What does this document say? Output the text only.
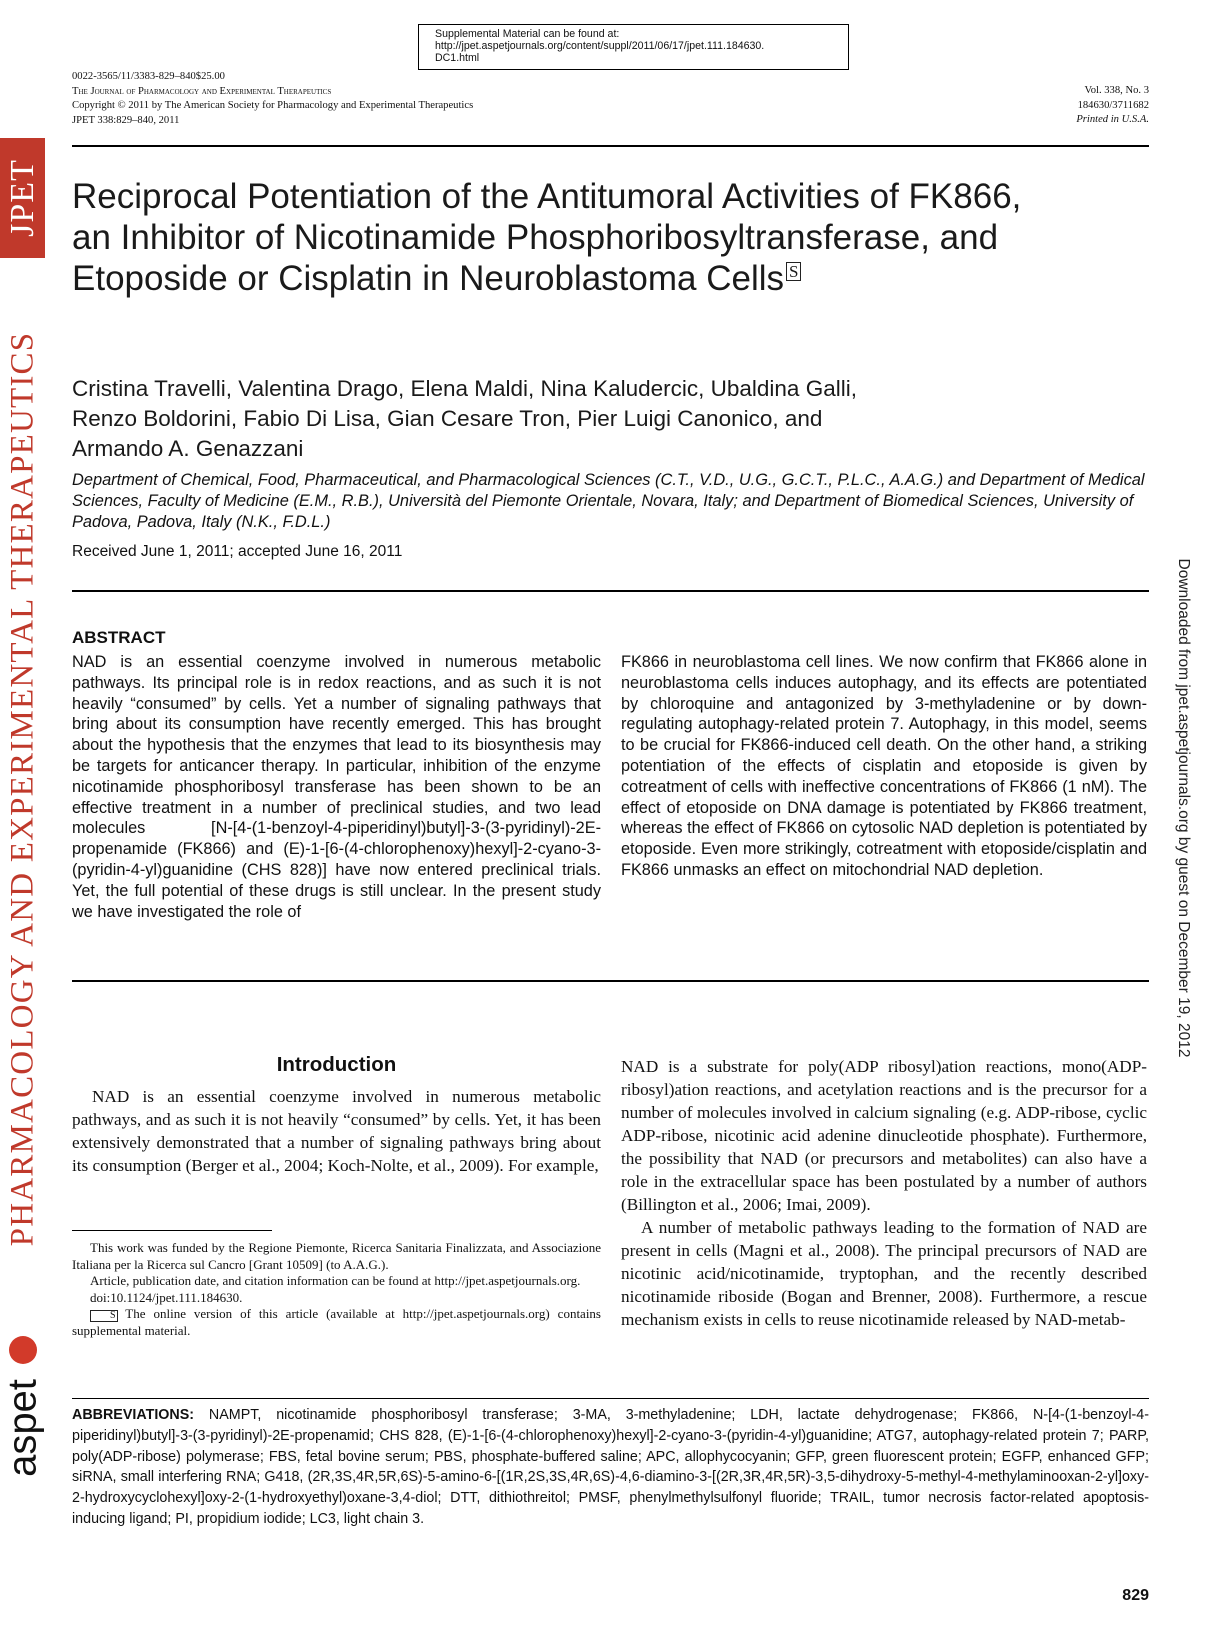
Supplemental Material can be found at:
http://jpet.aspetjournals.org/content/suppl/2011/06/17/jpet.111.184630.
DC1.html
0022-3565/11/3383-829–840$25.00
The Journal of Pharmacology and Experimental Therapeutics
Copyright © 2011 by The American Society for Pharmacology and Experimental Therapeutics
JPET 338:829–840, 2011
Vol. 338, No. 3
184630/3711682
Printed in U.S.A.
JPET
PHARMACOLOGY AND EXPERIMENTAL THERAPEUTICS
aspet
Downloaded from jpet.aspetjournals.org by guest on December 19, 2012
Reciprocal Potentiation of the Antitumoral Activities of FK866,
an Inhibitor of Nicotinamide Phosphoribosyltransferase, and
Etoposide or Cisplatin in Neuroblastoma Cells S
Cristina Travelli, Valentina Drago, Elena Maldi, Nina Kaludercic, Ubaldina Galli,
Renzo Boldorini, Fabio Di Lisa, Gian Cesare Tron, Pier Luigi Canonico, and
Armando A. Genazzani
Department of Chemical, Food, Pharmaceutical, and Pharmacological Sciences (C.T., V.D., U.G., G.C.T., P.L.C., A.A.G.) and Department of Medical Sciences, Faculty of Medicine (E.M., R.B.), Università del Piemonte Orientale, Novara, Italy; and Department of Biomedical Sciences, University of Padova, Padova, Italy (N.K., F.D.L.)
Received June 1, 2011; accepted June 16, 2011
ABSTRACT
NAD is an essential coenzyme involved in numerous metabolic pathways. Its principal role is in redox reactions, and as such it is not heavily “consumed” by cells. Yet a number of signaling pathways that bring about its consumption have recently emerged. This has brought about the hypothesis that the enzymes that lead to its biosynthesis may be targets for anticancer therapy. In particular, inhibition of the enzyme nicotinamide phosphoribosyl transferase has been shown to be an effective treatment in a number of preclinical studies, and two lead molecules [N-[4-(1-benzoyl-4-piperidinyl)butyl]-3-(3-pyridinyl)-2E-propenamide (FK866) and (E)-1-[6-(4-chlorophenoxy)hexyl]-2-cyano-3-(pyridin-4-yl)guanidine (CHS 828)] have now entered preclinical trials. Yet, the full potential of these drugs is still unclear. In the present study we have investigated the role of
FK866 in neuroblastoma cell lines. We now confirm that FK866 alone in neuroblastoma cells induces autophagy, and its effects are potentiated by chloroquine and antagonized by 3-methyladenine or by down-regulating autophagy-related protein 7. Autophagy, in this model, seems to be crucial for FK866-induced cell death. On the other hand, a striking potentiation of the effects of cisplatin and etoposide is given by cotreatment of cells with ineffective concentrations of FK866 (1 nM). The effect of etoposide on DNA damage is potentiated by FK866 treatment, whereas the effect of FK866 on cytosolic NAD depletion is potentiated by etoposide. Even more strikingly, cotreatment with etoposide/cisplatin and FK866 unmasks an effect on mitochondrial NAD depletion.
Introduction
NAD is an essential coenzyme involved in numerous metabolic pathways, and as such it is not heavily “consumed” by cells. Yet, it has been extensively demonstrated that a number of signaling pathways bring about its consumption (Berger et al., 2004; Koch-Nolte, et al., 2009). For example,

NAD is a substrate for poly(ADP ribosyl)ation reactions, mono(ADP-ribosyl)ation reactions, and acetylation reactions and is the precursor for a number of molecules involved in calcium signaling (e.g. ADP-ribose, cyclic ADP-ribose, nicotinic acid adenine dinucleotide phosphate). Furthermore, the possibility that NAD (or precursors and metabolites) can also have a role in the extracellular space has been postulated by a number of authors (Billington et al., 2006; Imai, 2009).

A number of metabolic pathways leading to the formation of NAD are present in cells (Magni et al., 2008). The principal precursors of NAD are nicotinic acid/nicotinamide, tryptophan, and the recently described nicotinamide riboside (Bogan and Brenner, 2008). Furthermore, a rescue mechanism exists in cells to reuse nicotinamide released by NAD-metab-

This work was funded by the Regione Piemonte, Ricerca Sanitaria Finalizzata, and Associazione Italiana per la Ricerca sul Cancro [Grant 10509] (to A.A.G.).

Article, publication date, and citation information can be found at http://jpet.aspetjournals.org.

doi:10.1124/jpet.111.184630.

S The online version of this article (available at http://jpet.aspetjournals.org) contains supplemental material.

ABBREVIATIONS: NAMPT, nicotinamide phosphoribosyl transferase; 3-MA, 3-methyladenine; LDH, lactate dehydrogenase; FK866, N-[4-(1-benzoyl-4-piperidinyl)butyl]-3-(3-pyridinyl)-2E-propenamid; CHS 828, (E)-1-[6-(4-chlorophenoxy)hexyl]-2-cyano-3-(pyridin-4-yl)guanidine; ATG7, autophagy-related protein 7; PARP, poly(ADP-ribose) polymerase; FBS, fetal bovine serum; PBS, phosphate-buffered saline; APC, allophycocyanin; GFP, green fluorescent protein; EGFP, enhanced GFP; siRNA, small interfering RNA; G418, (2R,3S,4R,5R,6S)-5-amino-6-[(1R,2S,3S,4R,6S)-4,6-diamino-3-[(2R,3R,4R,5R)-3,5-dihydroxy-5-methyl-4-methylaminooxan-2-yl]oxy-2-hydroxycyclohexyl]oxy-2-(1-hydroxyethyl)oxane-3,4-diol; DTT, dithiothreitol; PMSF, phenylmethylsulfonyl fluoride; TRAIL, tumor necrosis factor-related apoptosis-inducing ligand; PI, propidium iodide; LC3, light chain 3.
829
